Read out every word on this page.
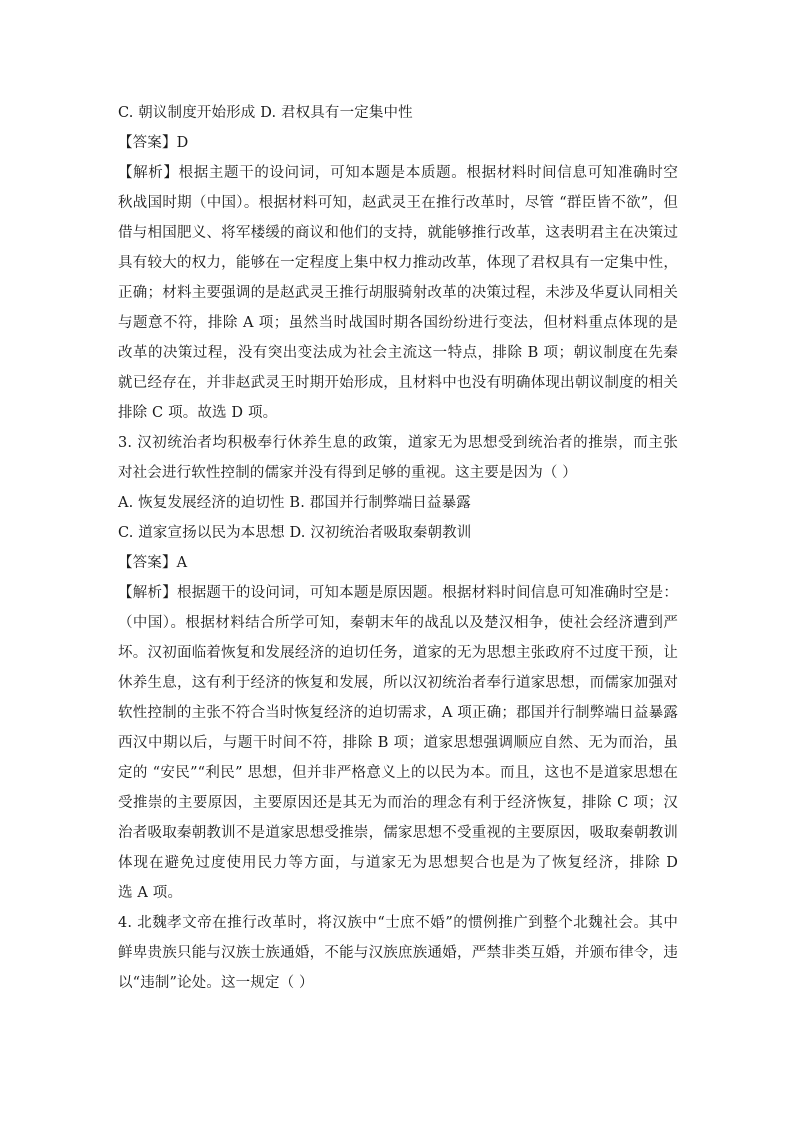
C. 朝议制度开始形成 D. 君权具有一定集中性
【答案】D
【解析】根据主题干的设问词，可知本题是本质题。根据材料时间信息可知准确时空
秋战国时期（中国）。根据材料可知，赵武灵王在推行改革时，尽管 “群臣皆不欲”，但
借与相国肥义、将军楼缓的商议和他们的支持，就能够推行改革，这表明君主在决策过
具有较大的权力，能够在一定程度上集中权力推动改革，体现了君权具有一定集中性，
正确；材料主要强调的是赵武灵王推行胡服骑射改革的决策过程，未涉及华夏认同相关
与题意不符，排除 A 项；虽然当时战国时期各国纷纷进行变法，但材料重点体现的是
改革的决策过程，没有突出变法成为社会主流这一特点，排除 B 项；朝议制度在先秦
就已经存在，并非赵武灵王时期开始形成，且材料中也没有明确体现出朝议制度的相关
排除 C 项。故选 D 项。
3. 汉初统治者均积极奉行休养生息的政策，道家无为思想受到统治者的推崇，而主张
对社会进行软性控制的儒家并没有得到足够的重视。这主要是因为（ ）
A. 恢复发展经济的迫切性 B. 郡国并行制弊端日益暴露
C. 道家宣扬以民为本思想 D. 汉初统治者吸取秦朝教训
【答案】A
【解析】根据题干的设问词，可知本题是原因题。根据材料时间信息可知准确时空是：
（中国）。根据材料结合所学可知，秦朝末年的战乱以及楚汉相争，使社会经济遭到严
坏。汉初面临着恢复和发展经济的迫切任务，道家的无为思想主张政府不过度干预，让
休养生息，这有利于经济的恢复和发展，所以汉初统治者奉行道家思想，而儒家加强对
软性控制的主张不符合当时恢复经济的迫切需求，A 项正确；郡国并行制弊端日益暴露
西汉中期以后，与题干时间不符，排除 B 项；道家思想强调顺应自然、无为而治，虽
定的 “安民”“利民” 思想，但并非严格意义上的以民为本。而且，这也不是道家思想在
受推崇的主要原因，主要原因还是其无为而治的理念有利于经济恢复，排除 C 项；汉
治者吸取秦朝教训不是道家思想受推崇，儒家思想不受重视的主要原因，吸取秦朝教训
体现在避免过度使用民力等方面，与道家无为思想契合也是为了恢复经济，排除 D
选 A 项。
4. 北魏孝文帝在推行改革时，将汉族中“士庶不婚”的惯例推广到整个北魏社会。其中
鲜卑贵族只能与汉族士族通婚，不能与汉族庶族通婚，严禁非类互婚，并颁布律令，违
以“违制”论处。这一规定（ ）
